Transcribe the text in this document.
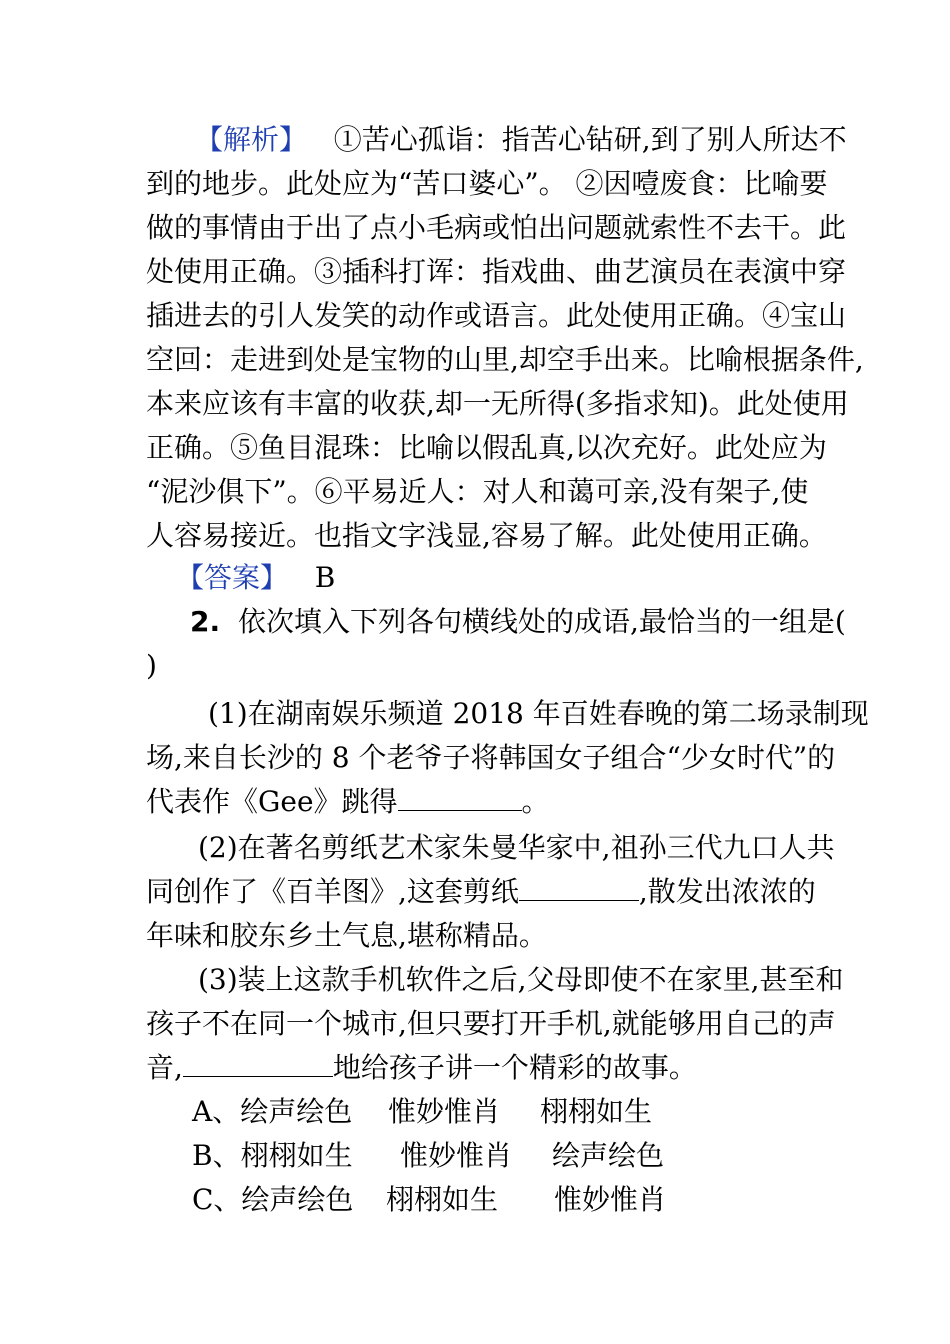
【解析】 ①苦心孤诣：指苦心钻研,到了别人所达不
到的地步。此处应为“苦口婆心”。 ②因噎废食：比喻要
做的事情由于出了点小毛病或怕出问题就索性不去干。此
处使用正确。③插科打诨：指戏曲、曲艺演员在表演中穿
插进去的引人发笑的动作或语言。此处使用正确。④宝山
空回：走进到处是宝物的山里,却空手出来。比喻根据条件,
本来应该有丰富的收获,却一无所得(多指求知)。此处使用
正确。⑤鱼目混珠：比喻以假乱真,以次充好。此处应为
“泥沙俱下”。⑥平易近人：对人和蔼可亲,没有架子,使
人容易接近。也指文字浅显,容易了解。此处使用正确。
【答案】 B
2. 依次填入下列各句横线处的成语,最恰当的一组是(
)
(1)在湖南娱乐频道 2018 年百姓春晚的第二场录制现
场,来自长沙的 8 个老爷子将韩国女子组合“少女时代”的
代表作《Gee》跳得	。
(2)在著名剪纸艺术家朱曼华家中,祖孙三代九口人共
同创作了《百羊图》,这套剪纸	,散发出浓浓的
年味和胶东乡土气息,堪称精品。
(3)装上这款手机软件之后,父母即使不在家里,甚至和
孩子不在同一个城市,但只要打开手机,就能够用自己的声
音,	地给孩子讲一个精彩的故事。
A、绘声绘色 惟妙惟肖 栩栩如生
B、栩栩如生 惟妙惟肖 绘声绘色
C、绘声绘色 栩栩如生 惟妙惟肖
